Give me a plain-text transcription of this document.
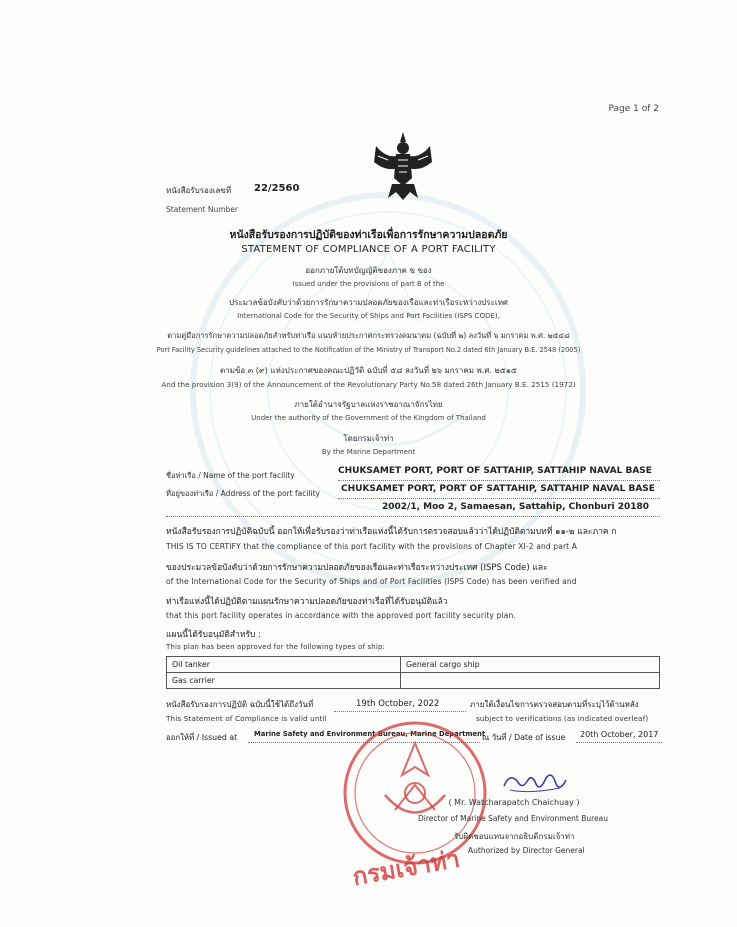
Page 1 of 2
หนังสือรับรองเลขที่ 22/2560
Statement Number
หนังสือรับรองการปฏิบัติของท่าเรือเพื่อการรักษาความปลอดภัย
STATEMENT OF COMPLIANCE OF A PORT FACILITY
ออกภายใต้บทบัญญัติของภาค ข ของ
Issued under the provisions of part B of the
ประมวลข้อบังคับว่าด้วยการรักษาความปลอดภัยของเรือและท่าเรือระหว่างประเทศ
International Code for the Security of Ships and Port Facilities (ISPS CODE),
ตามคู่มือการรักษาความปลอดภัยสำหรับท่าเรือ แนบท้ายประกาศกระทรวงคมนาคม (ฉบับที่ ๒) ลงวันที่ ๖ มกราคม พ.ศ. ๒๕๔๘
Port Facility Security guidelines attached to the Notification of the Ministry of Transport No.2 dated 6th January B.E. 2548 (2005)
ตามข้อ ๓ (๙) แห่งประกาศของคณะปฏิวัติ ฉบับที่ ๕๘ ลงวันที่ ๒๖ มกราคม พ.ศ. ๒๕๑๕
And the provision 3(9) of the Announcement of the Revolutionary Party No.58 dated 26th January B.E. 2515 (1972)
ภายใต้อำนาจรัฐบาลแห่งราชอาณาจักรไทย
Under the authority of the Government of the Kingdom of Thailand
โดยกรมเจ้าท่า
By the Marine Department
ชื่อท่าเรือ / Name of the port facility	CHUKSAMET PORT, PORT OF SATTAHIP, SATTAHIP NAVAL BASE
ที่อยู่ของท่าเรือ / Address of the port facility CHUKSAMET PORT, PORT OF SATTAHIP, SATTAHIP NAVAL BASE
2002/1, Moo 2, Samaesan, Sattahip, Chonburi 20180
หนังสือรับรองการปฏิบัติฉบับนี้ ออกให้เพื่อรับรองว่าท่าเรือแห่งนี้ได้รับการตรวจสอบแล้วว่าได้ปฏิบัติตามบทที่ ๑๑-๒ และภาค ก
THIS IS TO CERTIFY that the compliance of this port facility with the provisions of Chapter XI-2 and part A
ของประมวลข้อบังคับว่าด้วยการรักษาความปลอดภัยของเรือและท่าเรือระหว่างประเทศ (ISPS Code) และ
of the International Code for the Security of Ships and of Port Facilities (ISPS Code) has been verified and
ท่าเรือแห่งนี้ได้ปฏิบัติตามแผนรักษาความปลอดภัยของท่าเรือที่ได้รับอนุมัติแล้ว
that this port facility operates in accordance with the approved port facility security plan.
แผนนี้ได้รับอนุมัติสำหรับ :
This plan has been approved for the following types of ship:
Oil tanker	General cargo ship
Gas carrier	
หนังสือรับรองการปฏิบัติ ฉบับนี้ใช้ได้ถึงวันที่
This Statement of Compliance is valid until
19th October, 2022	ภายใต้เงื่อนไขการตรวจสอบตามที่ระบุไว้ด้านหลัง
subject to verifications (as indicated overleaf)
ออกให้ที่ / Issued at Marine Safety and Environment Bureau, Marine Department
ณ วันที่ / Date of issue 20th October, 2017
กรมเจ้าท่า
( Mr. Watcharapatch Chaichuay )
Director of Marine Safety and Environment Bureau
รับผิดชอบแทนจากอธิบดีกรมเจ้าท่า
Authorized by Director General
